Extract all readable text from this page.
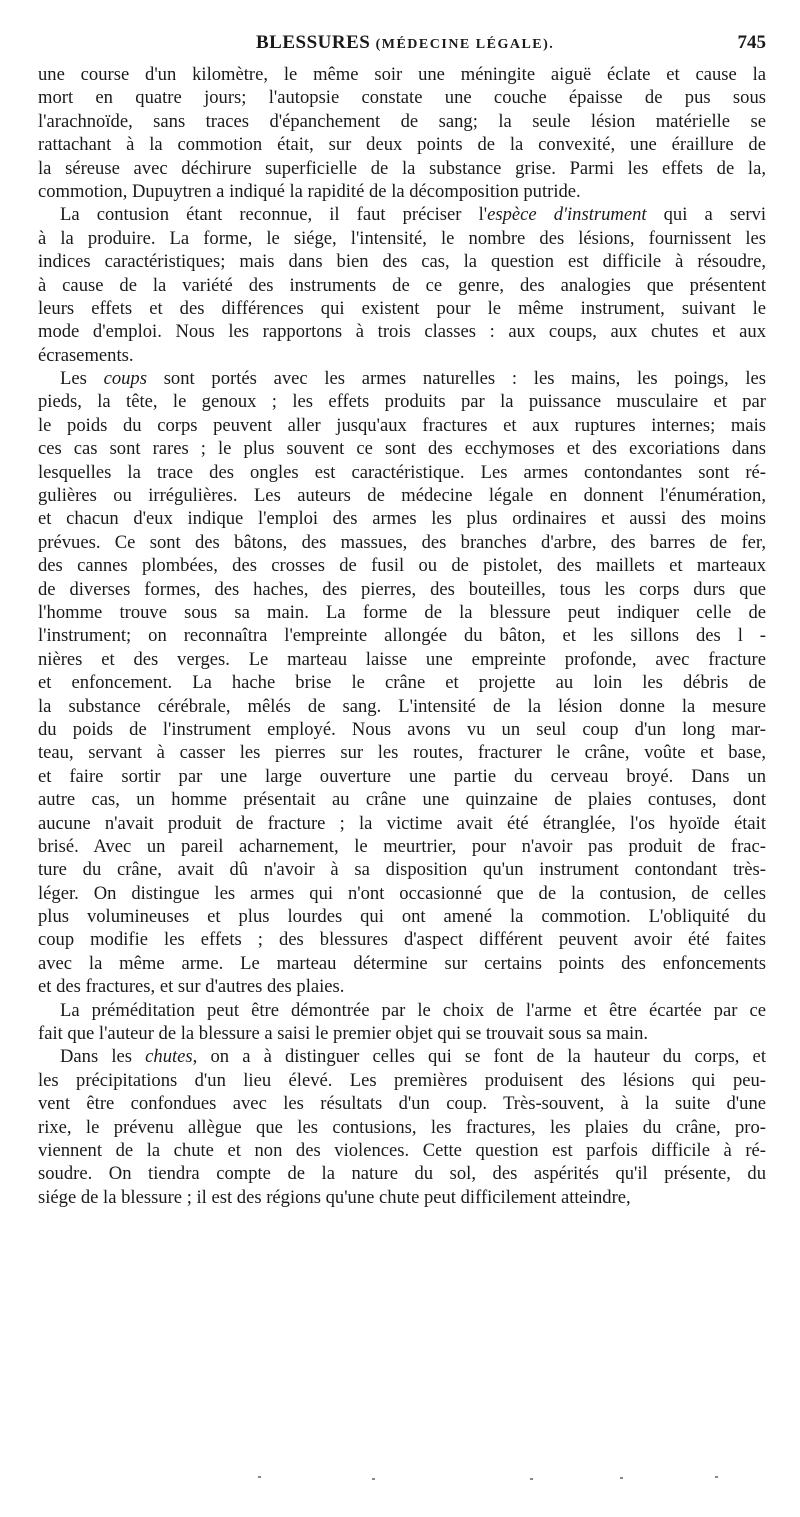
BLESSURES (MÉDECINE LÉGALE).	745
une course d'un kilomètre, le même soir une méningite aiguë éclate et cause la
mort en quatre jours; l'autopsie constate une couche épaisse de pus sous
l'arachnoïde, sans traces d'épanchement de sang; la seule lésion matérielle se
rattachant à la commotion était, sur deux points de la convexité, une éraillure de
la séreuse avec déchirure superficielle de la substance grise. Parmi les effets de la,
commotion, Dupuytren a indiqué la rapidité de la décomposition putride.
La contusion étant reconnue, il faut préciser l'espèce d'instrument qui a servi
à la produire. La forme, le siége, l'intensité, le nombre des lésions, fournissent les
indices caractéristiques; mais dans bien des cas, la question est difficile à résoudre,
à cause de la variété des instruments de ce genre, des analogies que présentent
leurs effets et des différences qui existent pour le même instrument, suivant le
mode d'emploi. Nous les rapportons à trois classes : aux coups, aux chutes et aux
écrasements.
Les coups sont portés avec les armes naturelles : les mains, les poings, les
pieds, la tête, le genoux ; les effets produits par la puissance musculaire et par
le poids du corps peuvent aller jusqu'aux fractures et aux ruptures internes; mais
ces cas sont rares ; le plus souvent ce sont des ecchymoses et des excoriations dans
lesquelles la trace des ongles est caractéristique. Les armes contondantes sont ré-
gulières ou irrégulières. Les auteurs de médecine légale en donnent l'énumération,
et chacun d'eux indique l'emploi des armes les plus ordinaires et aussi des moins
prévues. Ce sont des bâtons, des massues, des branches d'arbre, des barres de fer,
des cannes plombées, des crosses de fusil ou de pistolet, des maillets et marteaux
de diverses formes, des haches, des pierres, des bouteilles, tous les corps durs que
l'homme trouve sous sa main. La forme de la blessure peut indiquer celle de
l'instrument; on reconnaîtra l'empreinte allongée du bâton, et les sillons des l -
nières et des verges. Le marteau laisse une empreinte profonde, avec fracture
et enfoncement. La hache brise le crâne et projette au loin les débris de
la substance cérébrale, mêlés de sang. L'intensité de la lésion donne la mesure
du poids de l'instrument employé. Nous avons vu un seul coup d'un long mar-
teau, servant à casser les pierres sur les routes, fracturer le crâne, voûte et base,
et faire sortir par une large ouverture une partie du cerveau broyé. Dans un
autre cas, un homme présentait au crâne une quinzaine de plaies contuses, dont
aucune n'avait produit de fracture ; la victime avait été étranglée, l'os hyoïde était
brisé. Avec un pareil acharnement, le meurtrier, pour n'avoir pas produit de frac-
ture du crâne, avait dû n'avoir à sa disposition qu'un instrument contondant très-
léger. On distingue les armes qui n'ont occasionné que de la contusion, de celles
plus volumineuses et plus lourdes qui ont amené la commotion. L'obliquité du
coup modifie les effets ; des blessures d'aspect différent peuvent avoir été faites
avec la même arme. Le marteau détermine sur certains points des enfoncements
et des fractures, et sur d'autres des plaies.
La préméditation peut être démontrée par le choix de l'arme et être écartée par ce
fait que l'auteur de la blessure a saisi le premier objet qui se trouvait sous sa main.
Dans les chutes, on a à distinguer celles qui se font de la hauteur du corps, et
les précipitations d'un lieu élevé. Les premières produisent des lésions qui peu-
vent être confondues avec les résultats d'un coup. Très-souvent, à la suite d'une
rixe, le prévenu allègue que les contusions, les fractures, les plaies du crâne, pro-
viennent de la chute et non des violences. Cette question est parfois difficile à ré-
soudre. On tiendra compte de la nature du sol, des aspérités qu'il présente, du
siége de la blessure ; il est des régions qu'une chute peut difficilement atteindre,
